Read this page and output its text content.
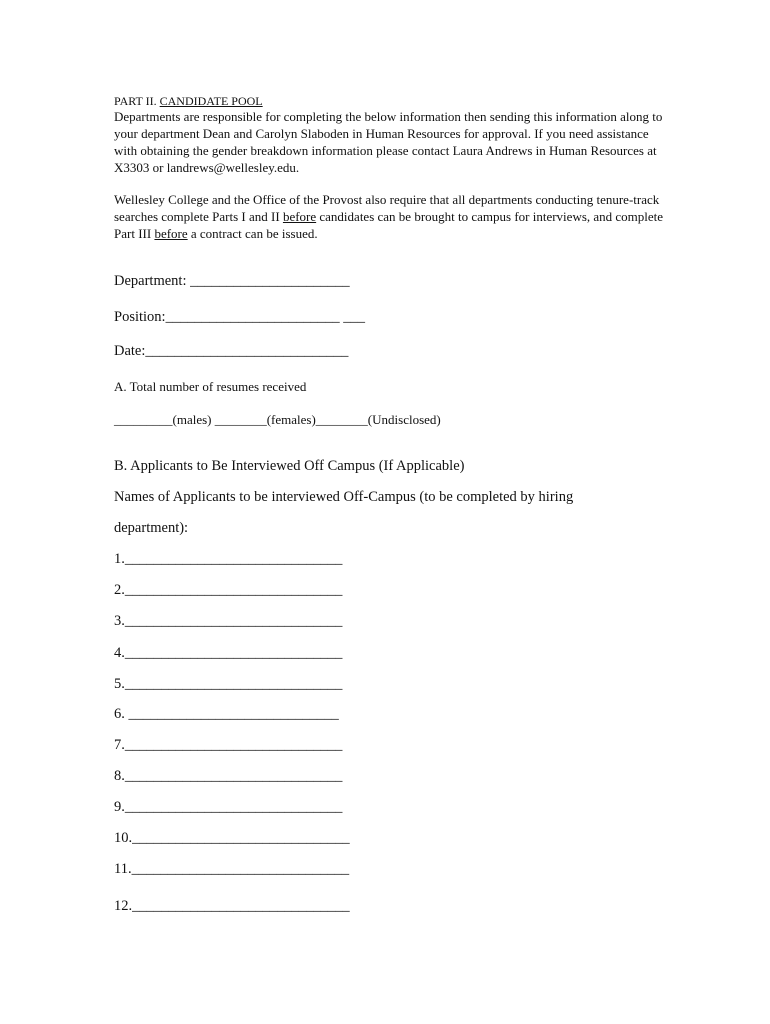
PART II. CANDIDATE POOL
Departments are responsible for completing the below information then sending this information along to your department Dean and Carolyn Slaboden in Human Resources for approval. If you need assistance with obtaining the gender breakdown information please contact Laura Andrews in Human Resources at X3303 or landrews@wellesley.edu.
Wellesley College and the Office of the Provost also require that all departments conducting tenure-track searches complete Parts I and II before candidates can be brought to campus for interviews, and complete Part III before a contract can be issued.
Department: ______________________
Position:________________________ ___
Date:____________________________
A. Total number of resumes received
_________(males) ________(females)________(Undisclosed)
B. Applicants to Be Interviewed Off Campus (If Applicable)
Names of Applicants to be interviewed Off-Campus (to be completed by hiring
department):
1.______________________________
2.______________________________
3.______________________________
4.______________________________
5.______________________________
6. _____________________________
7.______________________________
8.______________________________
9.______________________________
10.______________________________
11.______________________________
12.______________________________
